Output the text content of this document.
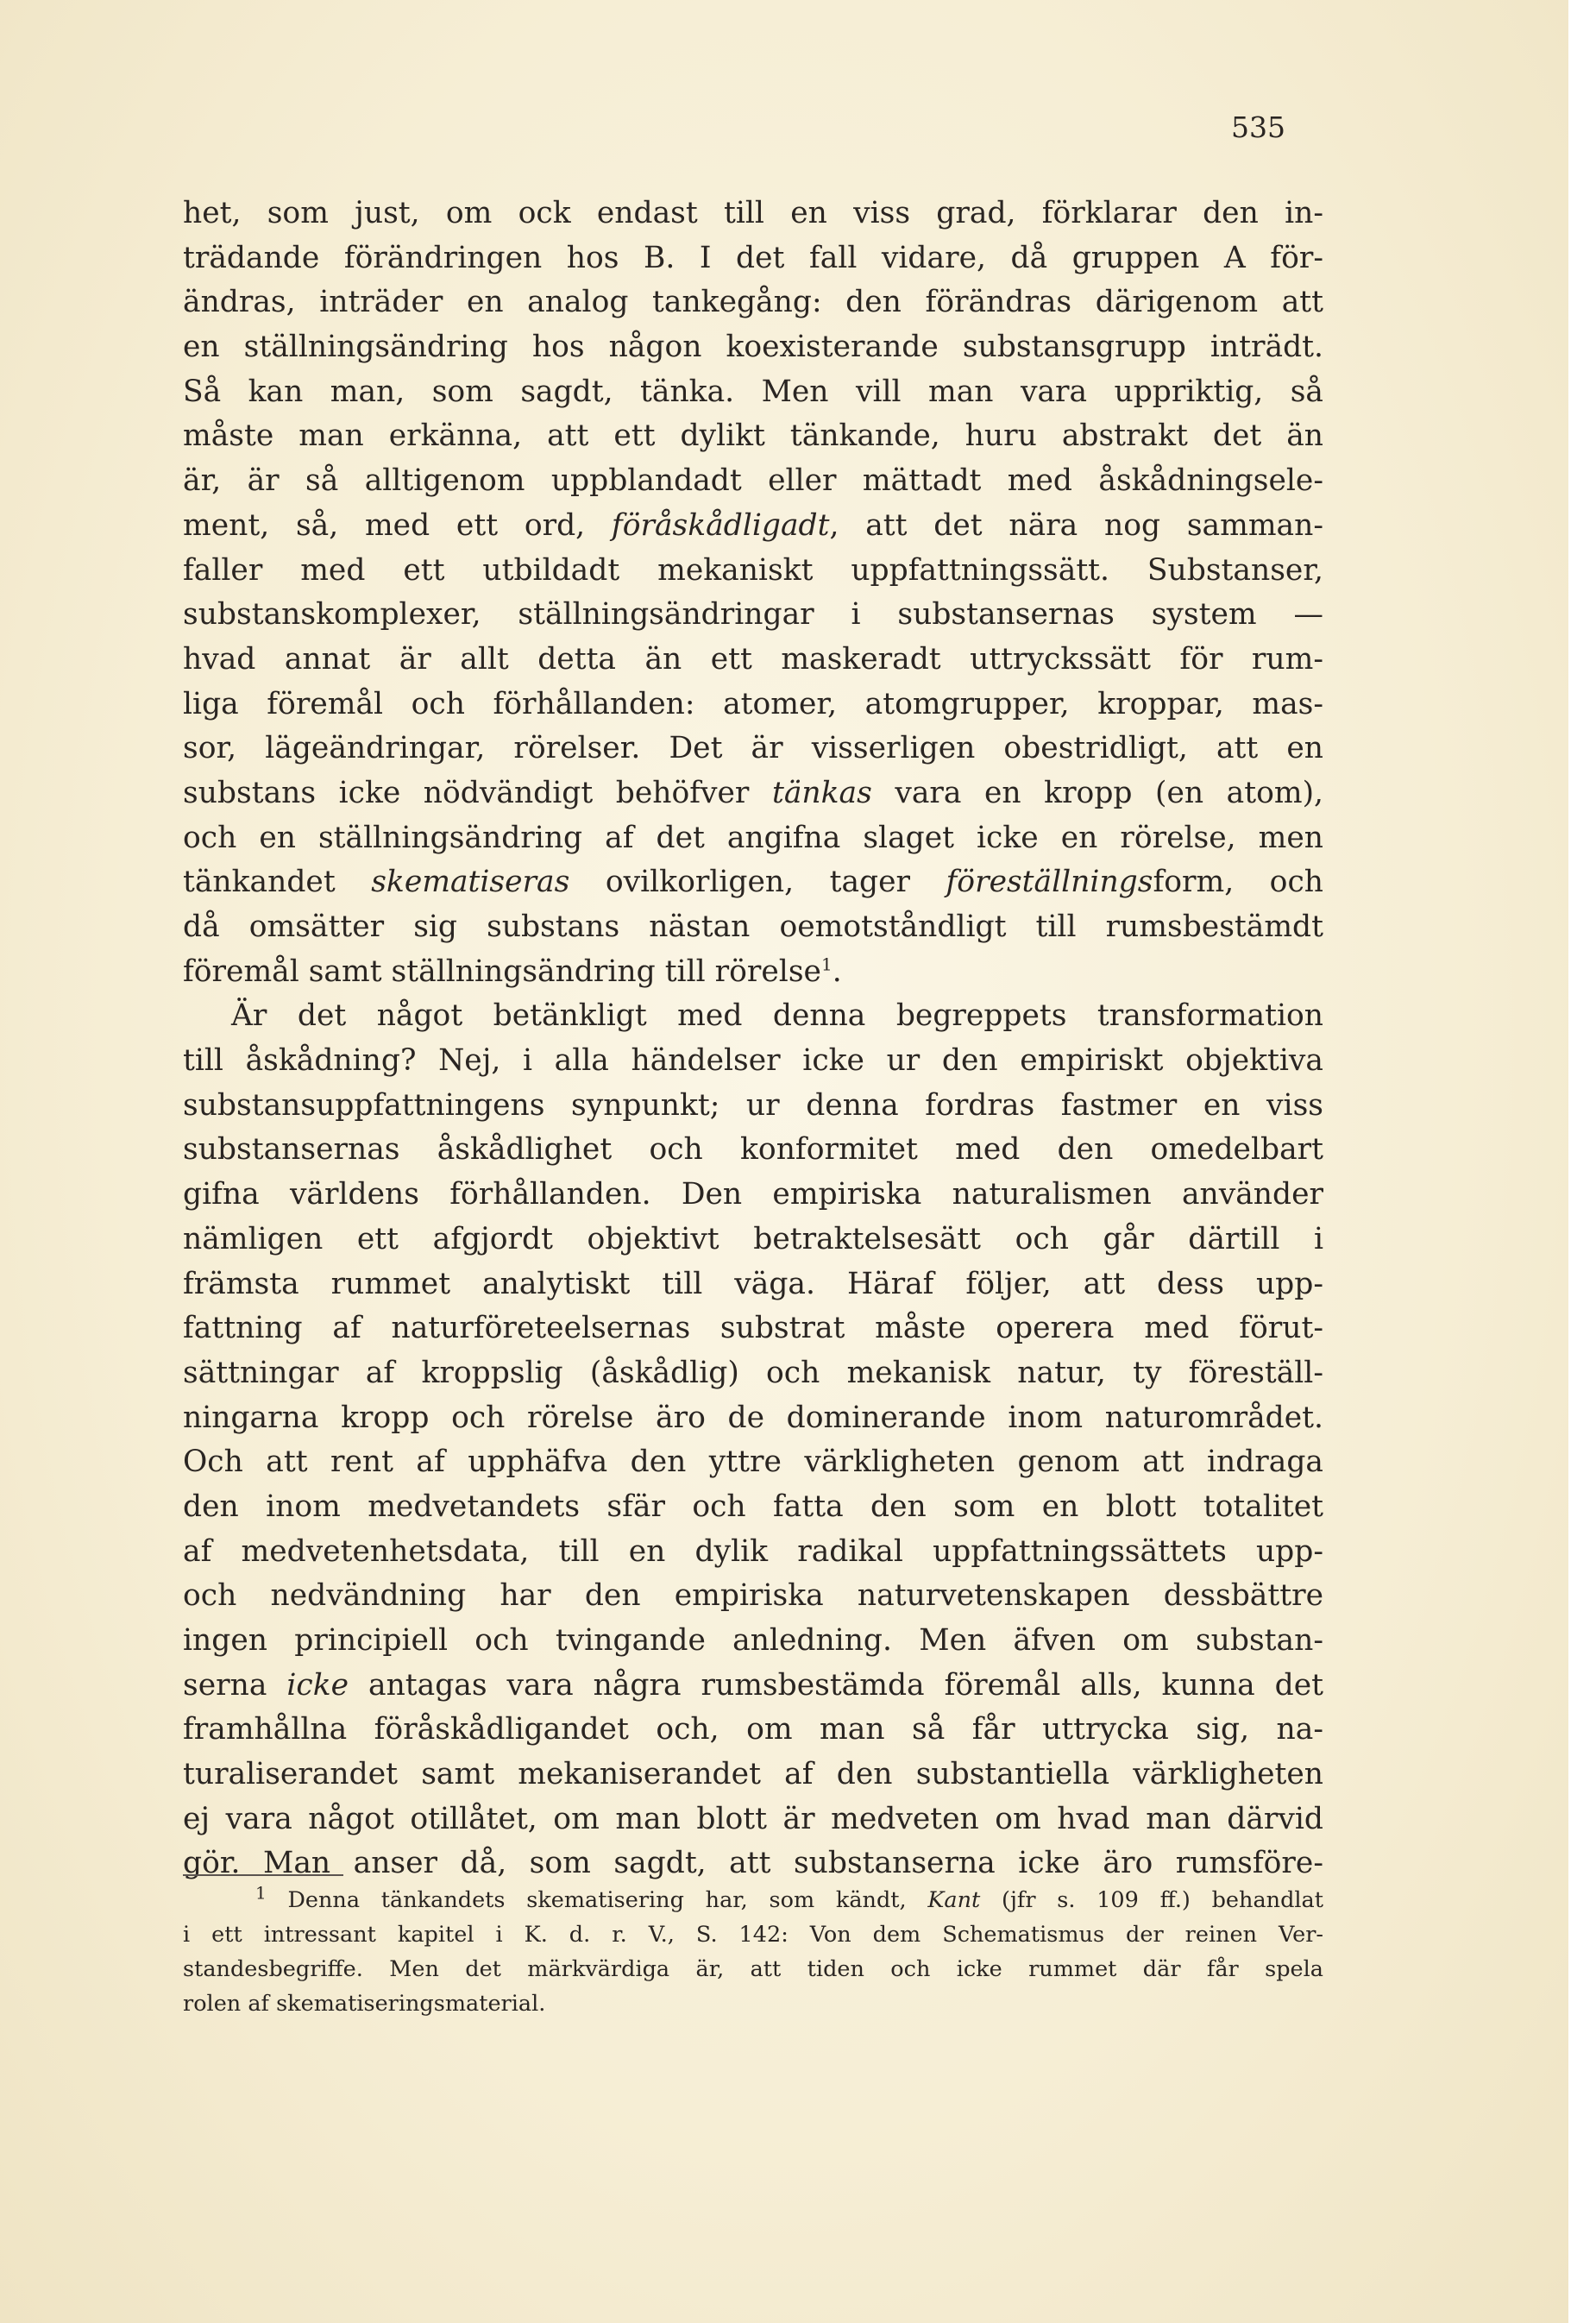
535
het, som just, om ock endast till en viss grad, förklarar den in-
trädande förändringen hos B. I det fall vidare, då gruppen A för-
ändras, inträder en analog tankegång: den förändras därigenom att
en ställningsändring hos någon koexisterande substansgrupp inträdt.
Så kan man, som sagdt, tänka. Men vill man vara uppriktig, så
måste man erkänna, att ett dylikt tänkande, huru abstrakt det än
är, är så alltigenom uppblandadt eller mättadt med åskådningsele-
ment, så, med ett ord, föråskådligadt, att det nära nog samman-
faller med ett utbildadt mekaniskt uppfattningssätt. Substanser,
substanskomplexer, ställningsändringar i substansernas system —
hvad annat är allt detta än ett maskeradt uttryckssätt för rum-
liga föremål och förhållanden: atomer, atomgrupper, kroppar, mas-
sor, lägeändringar, rörelser. Det är visserligen obestridligt, att en
substans icke nödvändigt behöfver tänkas vara en kropp (en atom),
och en ställningsändring af det angifna slaget icke en rörelse, men
tänkandet skematiseras ovilkorligen, tager föreställningsform, och
då omsätter sig substans nästan oemotståndligt till rumsbestämdt
föremål samt ställningsändring till rörelse$^1$.
Är det något betänkligt med denna begreppets transformation
till åskådning? Nej, i alla händelser icke ur den empiriskt objektiva
substansuppfattningens synpunkt; ur denna fordras fastmer en viss
substansernas åskådlighet och konformitet med den omedelbart
gifna världens förhållanden. Den empiriska naturalismen använder
nämligen ett afgjordt objektivt betraktelsesätt och går därtill i
främsta rummet analytiskt till väga. Häraf följer, att dess upp-
fattning af naturföreteelsernas substrat måste operera med förut-
sättningar af kroppslig (åskådlig) och mekanisk natur, ty föreställ-
ningarna kropp och rörelse äro de dominerande inom naturområdet.
Och att rent af upphäfva den yttre värkligheten genom att indraga
den inom medvetandets sfär och fatta den som en blott totalitet
af medvetenhetsdata, till en dylik radikal uppfattningssättets upp-
och nedvändning har den empiriska naturvetenskapen dessbättre
ingen principiell och tvingande anledning. Men äfven om substan-
serna icke antagas vara några rumsbestämda föremål alls, kunna det
framhållna föråskådligandet och, om man så får uttrycka sig, na-
turaliserandet samt mekaniserandet af den substantiella värkligheten
ej vara något otillåtet, om man blott är medveten om hvad man därvid
gör. Man anser då, som sagdt, att substanserna icke äro rumsföre-
$^1$ Denna tänkandets skematisering har, som kändt, Kant (jfr s. 109 ff.) behandlat
i ett intressant kapitel i K. d. r. V., S. 142: Von dem Schematismus der reinen Ver-
standesbegriffe. Men det märkvärdiga är, att tiden och icke rummet där får spela
rolen af skematiseringsmaterial.
